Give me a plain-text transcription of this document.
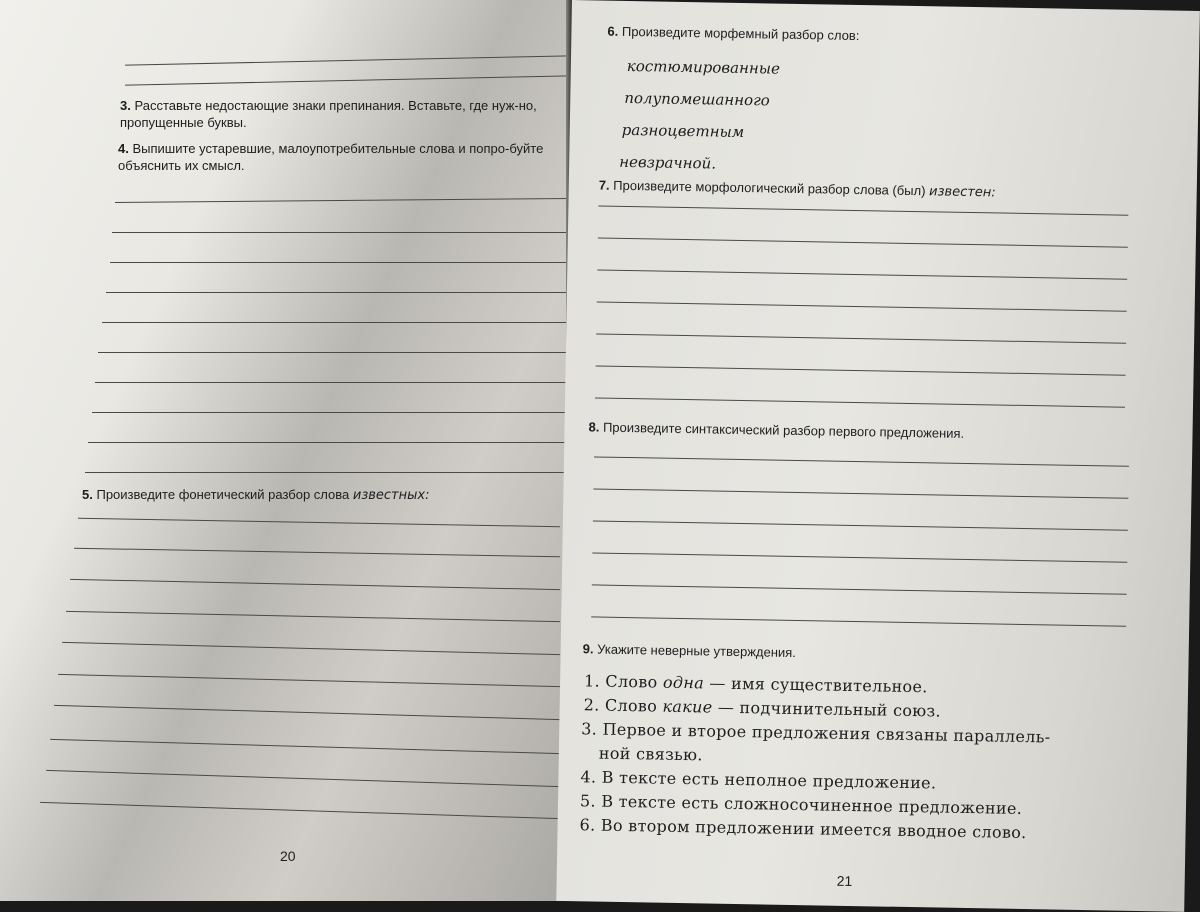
3. Расставьте недостающие знаки препинания. Вставьте, где нуж-но, пропущенные буквы.
4. Выпишите устаревшие, малоупотребительные слова и попро-буйте объяснить их смысл.
5. Произведите фонетический разбор слова известных:
20
6. Произведите морфемный разбор слов:
костюмированные
полупомешанного
разноцветным
невзрачной.
7. Произведите морфологический разбор слова (был) известен:
8. Произведите синтаксический разбор первого предложения.
9. Укажите неверные утверждения.
1. Слово одна — имя существительное.
2. Слово какие — подчинительный союз.
3. Первое и второе предложения связаны параллель-
ной связью.
4. В тексте есть неполное предложение.
5. В тексте есть сложносочиненное предложение.
6. Во втором предложении имеется вводное слово.
21
